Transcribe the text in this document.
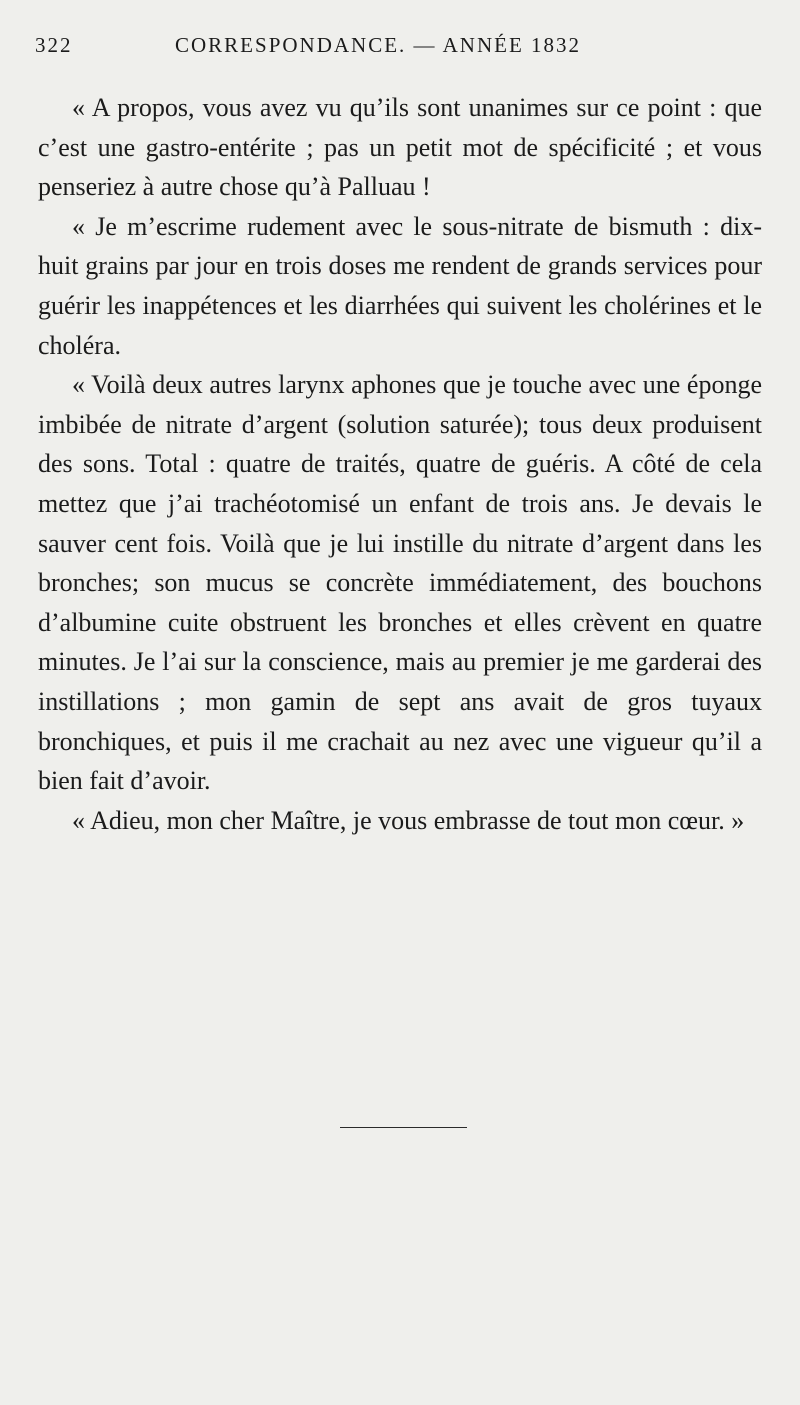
322	CORRESPONDANCE. — ANNÉE 1832

« A propos, vous avez vu qu’ils sont unanimes sur ce point : que c’est une gastro-entérite ; pas un petit mot de spécificité ; et vous penseriez à autre chose qu’à Palluau !

« Je m’escrime rudement avec le sous-nitrate de bismuth : dix-huit grains par jour en trois doses me rendent de grands services pour guérir les inappétences et les diarrhées qui suivent les cholérines et le choléra.

« Voilà deux autres larynx aphones que je touche avec une éponge imbibée de nitrate d’argent (solution saturée); tous deux produisent des sons. Total : quatre de traités, quatre de guéris. A côté de cela mettez que j’ai trachéotomisé un enfant de trois ans. Je devais le sauver cent fois. Voilà que je lui instille du nitrate d’argent dans les bronches; son mucus se concrète immédiatement, des bouchons d’albumine cuite obstruent les bronches et elles crèvent en quatre minutes. Je l’ai sur la conscience, mais au premier je me garderai des instillations ; mon gamin de sept ans avait de gros tuyaux bronchiques, et puis il me crachait au nez avec une vigueur qu’il a bien fait d’avoir.

« Adieu, mon cher Maître, je vous embrasse de tout mon cœur. »
